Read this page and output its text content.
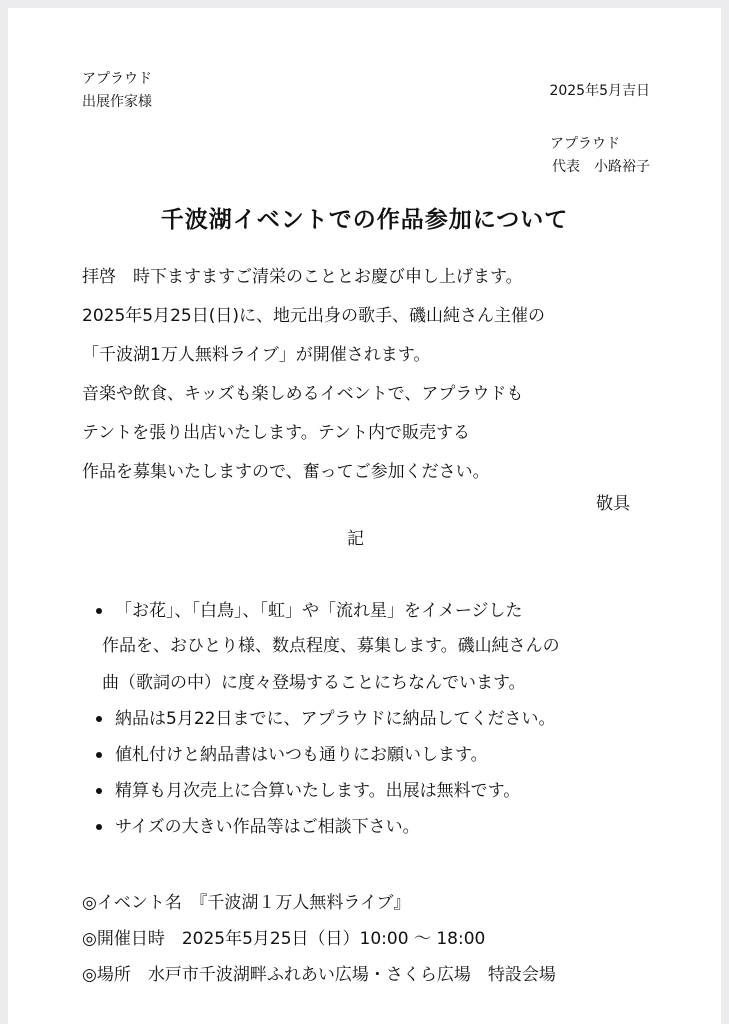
アプラウド
出展作家様
2025年5月吉日
アプラウド
代表　小路裕子
千波湖イベントでの作品参加について
拝啓　時下ますますご清栄のこととお慶び申し上げます。
2025年5月25日(日)に、地元出身の歌手、磯山純さん主催の
「千波湖1万人無料ライブ」が開催されます。
音楽や飲食、キッズも楽しめるイベントで、アプラウドも
テントを張り出店いたします。テント内で販売する
作品を募集いたしますので、奮ってご参加ください。
敬具
記
「お花」、「白鳥」、「虹」や「流れ星」をイメージした
作品を、おひとり様、数点程度、募集します。磯山純さんの
曲（歌詞の中）に度々登場することにちなんでいます。
納品は5月22日までに、アプラウドに納品してください。
値札付けと納品書はいつも通りにお願いします。
精算も月次売上に合算いたします。出展は無料です。
サイズの大きい作品等はご相談下さい。
◎イベント名　『千波湖１万人無料ライブ』
◎開催日時　2025年5月25日（日）10:00 ～ 18:00
◎場所　水戸市千波湖畔ふれあい広場・さくら広場　特設会場
